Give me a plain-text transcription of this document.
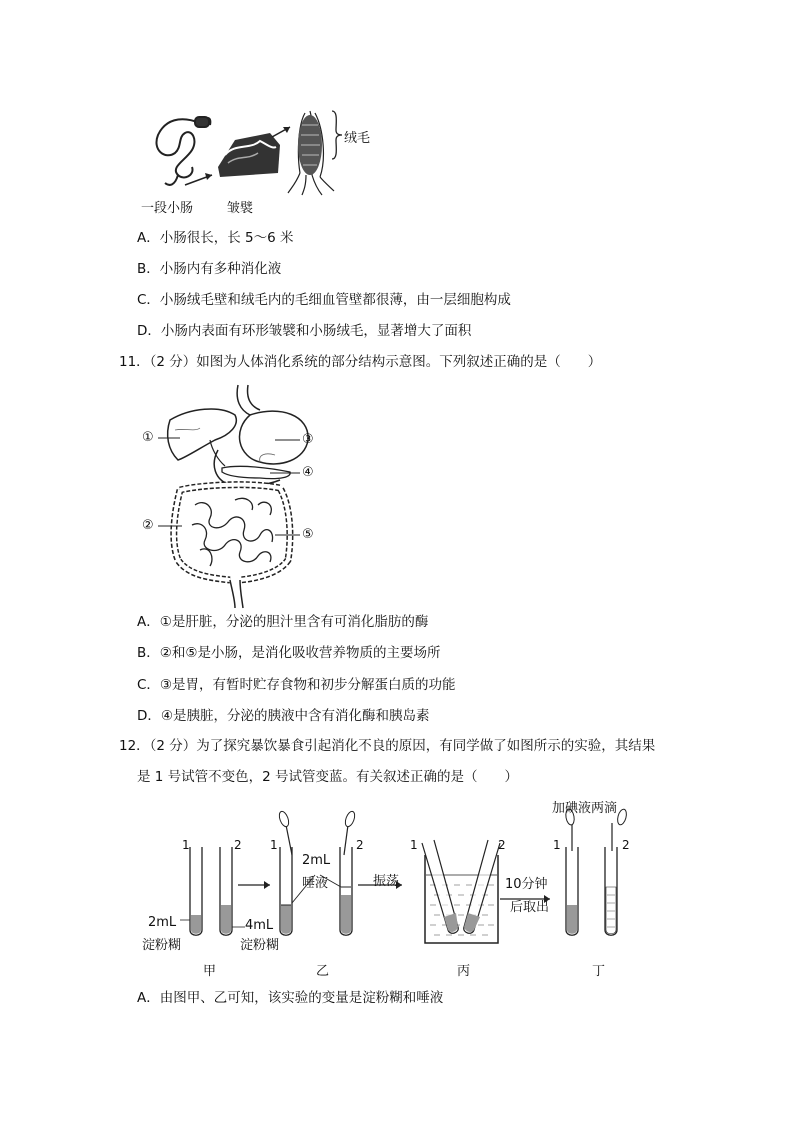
绒毛
一段小肠	皱襞
A．小肠很长，长 5～6 米
B．小肠内有多种消化液
C．小肠绒毛壁和绒毛内的毛细血管壁都很薄，由一层细胞构成
D．小肠内表面有环形皱襞和小肠绒毛，显著增大了面积
11．（2 分）如图为人体消化系统的部分结构示意图。下列叙述正确的是（　　）
①
②
③
④
⑤
A．①是肝脏，分泌的胆汁里含有可消化脂肪的酶
B．②和⑤是小肠，是消化吸收营养物质的主要场所
C．③是胃，有暂时贮存食物和初步分解蛋白质的功能
D．④是胰脏，分泌的胰液中含有消化酶和胰岛素
12．（2 分）为了探究暴饮暴食引起消化不良的原因，有同学做了如图所示的实验，其结果
是 1 号试管不变色，2 号试管变蓝。有关叙述正确的是（　　）
加碘液两滴
1	2 1	2	1	2	1	2
2mL
唾液	振荡	10分钟
后取出
2mL
淀粉糊
4mL
淀粉糊
甲	乙	丙	丁
A．由图甲、乙可知，该实验的变量是淀粉糊和唾液
